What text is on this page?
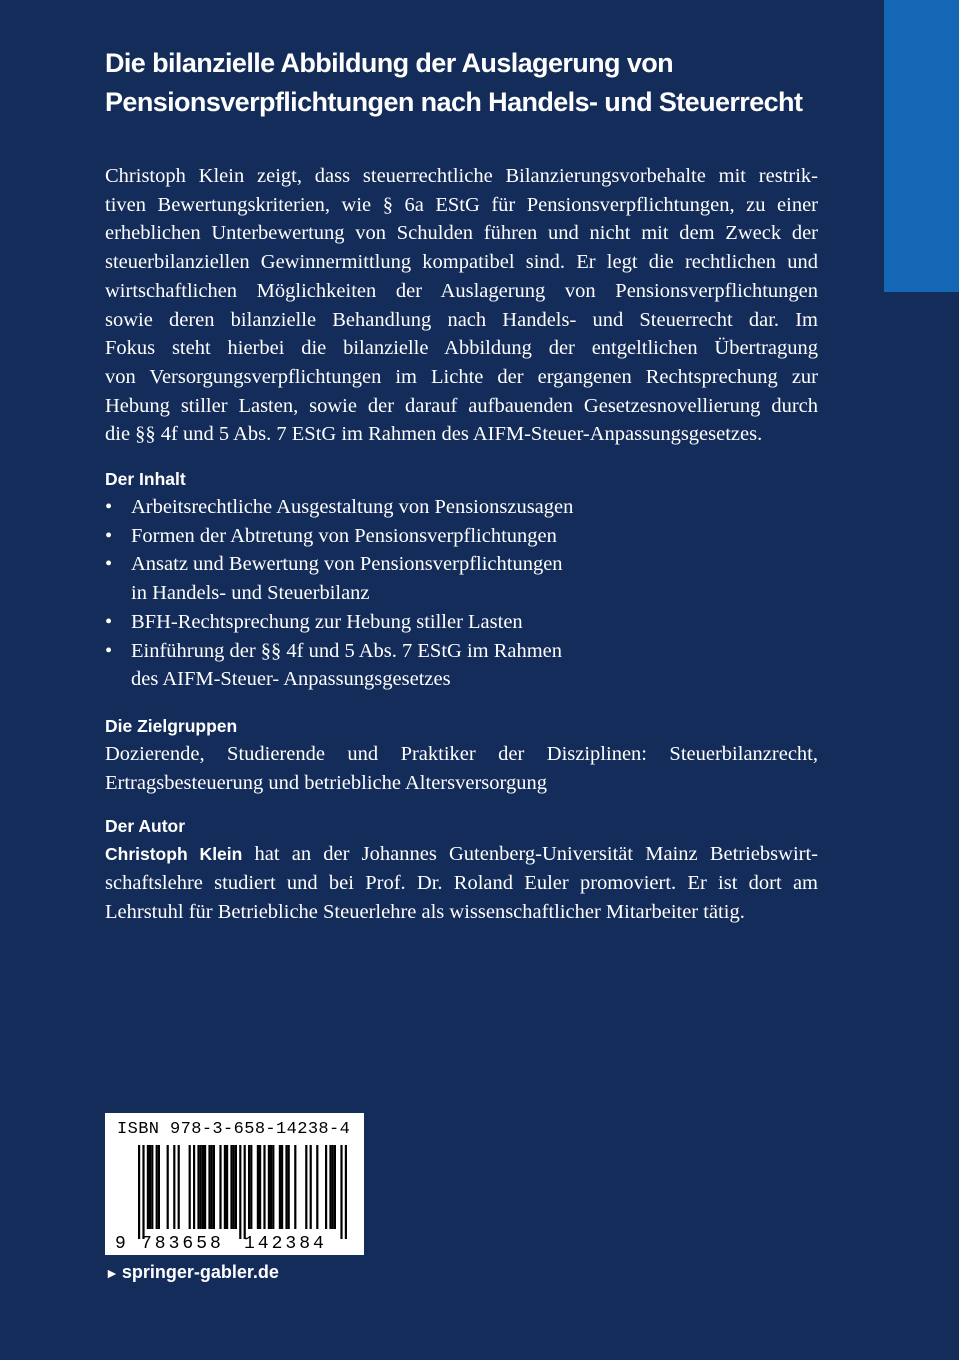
Die bilanzielle Abbildung der Auslagerung von
Pensionsverpflichtungen nach Handels- und Steuerrecht
Christoph Klein zeigt, dass steuerrechtliche Bilanzierungsvorbehalte mit restrik-
tiven Bewertungskriterien, wie § 6a EStG für Pensionsverpflichtungen, zu einer
erheblichen Unterbewertung von Schulden führen und nicht mit dem Zweck der
steuerbilanziellen Gewinnermittlung kompatibel sind. Er legt die rechtlichen und
wirtschaftlichen Möglichkeiten der Auslagerung von Pensionsverpflichtungen
sowie deren bilanzielle Behandlung nach Handels- und Steuerrecht dar. Im
Fokus steht hierbei die bilanzielle Abbildung der entgeltlichen Übertragung
von Versorgungsverpflichtungen im Lichte der ergangenen Rechtsprechung zur
Hebung stiller Lasten, sowie der darauf aufbauenden Gesetzesnovellierung durch
die §§ 4f und 5 Abs. 7 EStG im Rahmen des AIFM-Steuer-Anpassungsgesetzes.
Der Inhalt
• Arbeitsrechtliche Ausgestaltung von Pensionszusagen
• Formen der Abtretung von Pensionsverpflichtungen
• Ansatz und Bewertung von Pensionsverpflichtungen
in Handels- und Steuerbilanz
• BFH-Rechtsprechung zur Hebung stiller Lasten
• Einführung der §§ 4f und 5 Abs. 7 EStG im Rahmen
des AIFM-Steuer- Anpassungsgesetzes
Die Zielgruppen
Dozierende, Studierende und Praktiker der Disziplinen: Steuerbilanzrecht,
Ertragsbesteuerung und betriebliche Altersversorgung
Der Autor
Christoph Klein hat an der Johannes Gutenberg-Universität Mainz Betriebswirt-
schaftslehre studiert und bei Prof. Dr. Roland Euler promoviert. Er ist dort am
Lehrstuhl für Betriebliche Steuerlehre als wissenschaftlicher Mitarbeiter tätig.
ISBN 978-3-658-14238-4
9 783658 142384
► springer-gabler.de
